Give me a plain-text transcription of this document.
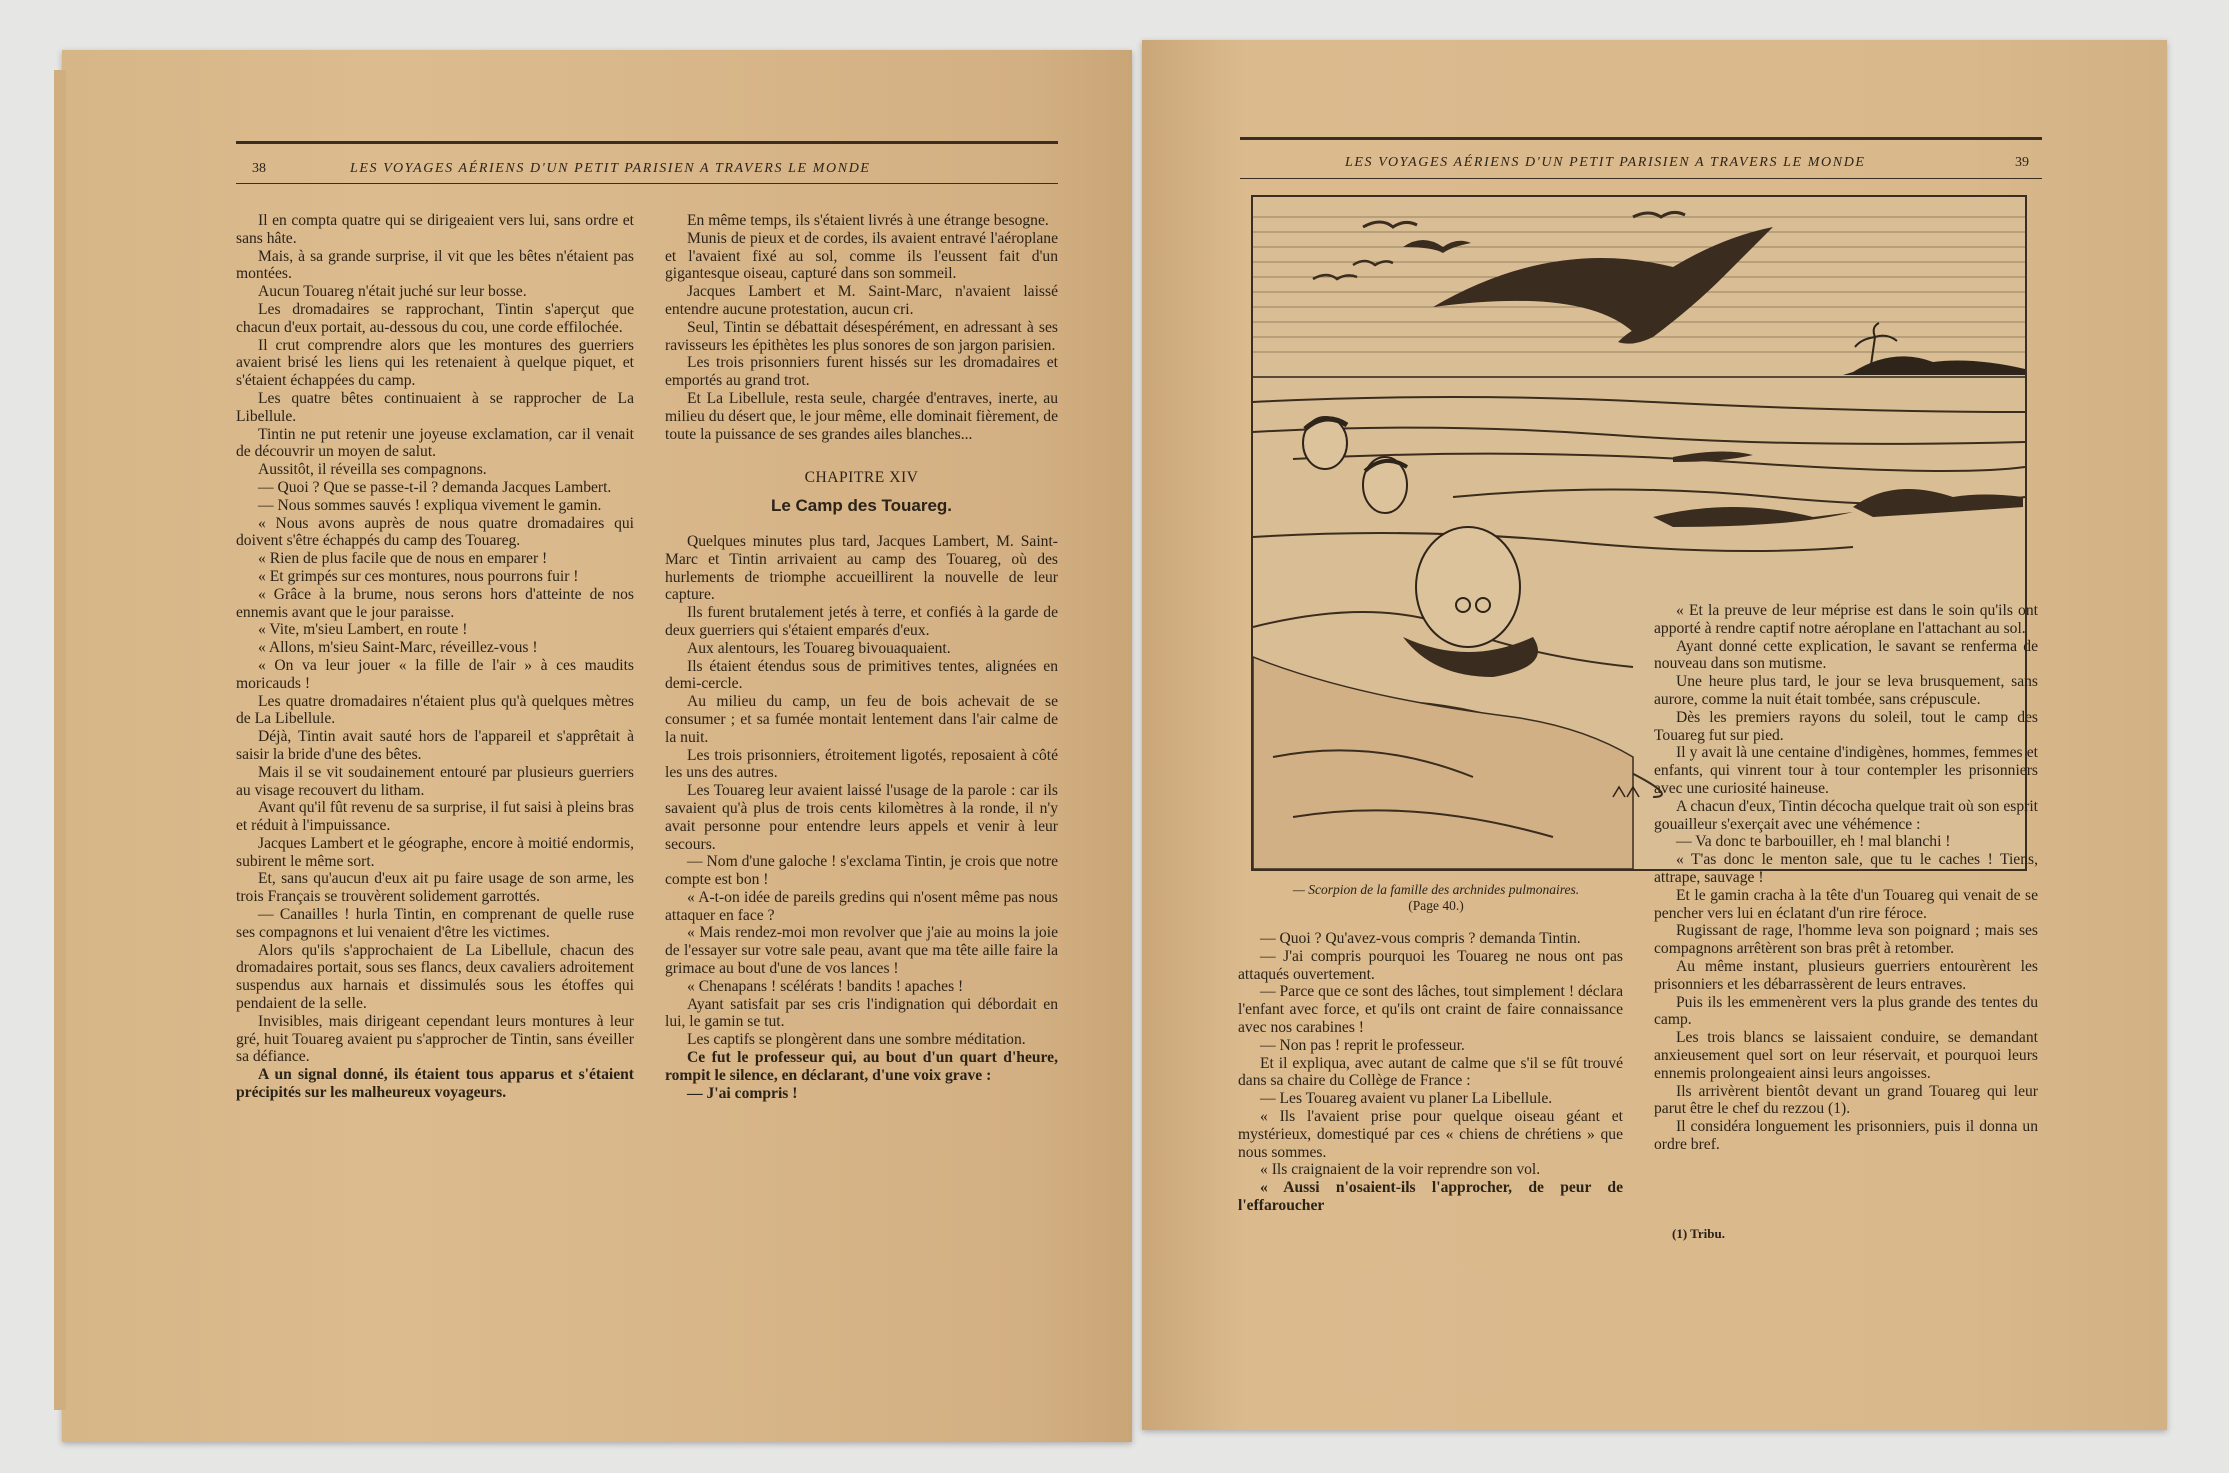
38	LES VOYAGES AÉRIENS D'UN PETIT PARISIEN A TRAVERS LE MONDE

Il en compta quatre qui se dirigeaient vers lui, sans ordre et sans hâte.

Mais, à sa grande surprise, il vit que les bêtes n'étaient pas montées.

Aucun Touareg n'était juché sur leur bosse.

Les dromadaires se rapprochant, Tintin s'aperçut que chacun d'eux portait, au-dessous du cou, une corde effilochée.

Il crut comprendre alors que les montures des guerriers avaient brisé les liens qui les retenaient à quelque piquet, et s'étaient échappées du camp.

Les quatre bêtes continuaient à se rapprocher de La Libellule.

Tintin ne put retenir une joyeuse exclamation, car il venait de découvrir un moyen de salut.

Aussitôt, il réveilla ses compagnons.

— Quoi ? Que se passe-t-il ? demanda Jacques Lambert.

— Nous sommes sauvés ! expliqua vivement le gamin.

« Nous avons auprès de nous quatre dromadaires qui doivent s'être échappés du camp des Touareg.

« Rien de plus facile que de nous en emparer !

« Et grimpés sur ces montures, nous pourrons fuir !

« Grâce à la brume, nous serons hors d'atteinte de nos ennemis avant que le jour paraisse.

« Vite, m'sieu Lambert, en route !

« Allons, m'sieu Saint-Marc, réveillez-vous !

« On va leur jouer « la fille de l'air » à ces maudits moricauds !

Les quatre dromadaires n'étaient plus qu'à quelques mètres de La Libellule.

Déjà, Tintin avait sauté hors de l'appareil et s'apprêtait à saisir la bride d'une des bêtes.

Mais il se vit soudainement entouré par plusieurs guerriers au visage recouvert du litham.

Avant qu'il fût revenu de sa surprise, il fut saisi à pleins bras et réduit à l'impuissance.

Jacques Lambert et le géographe, encore à moitié endormis, subirent le même sort.

Et, sans qu'aucun d'eux ait pu faire usage de son arme, les trois Français se trouvèrent solidement garrottés.

— Canailles ! hurla Tintin, en comprenant de quelle ruse ses compagnons et lui venaient d'être les victimes.

Alors qu'ils s'approchaient de La Libellule, chacun des dromadaires portait, sous ses flancs, deux cavaliers adroitement suspendus aux harnais et dissimulés sous les étoffes qui pendaient de la selle.

Invisibles, mais dirigeant cependant leurs montures à leur gré, huit Touareg avaient pu s'approcher de Tintin, sans éveiller sa défiance.

A un signal donné, ils étaient tous apparus et s'étaient précipités sur les malheureux voyageurs.

En même temps, ils s'étaient livrés à une étrange besogne.

Munis de pieux et de cordes, ils avaient entravé l'aéroplane et l'avaient fixé au sol, comme ils l'eussent fait d'un gigantesque oiseau, capturé dans son sommeil.

Jacques Lambert et M. Saint-Marc, n'avaient laissé entendre aucune protestation, aucun cri.

Seul, Tintin se débattait désespérément, en adressant à ses ravisseurs les épithètes les plus sonores de son jargon parisien.

Les trois prisonniers furent hissés sur les dromadaires et emportés au grand trot.

Et La Libellule, resta seule, chargée d'entraves, inerte, au milieu du désert que, le jour même, elle dominait fièrement, de toute la puissance de ses grandes ailes blanches...

CHAPITRE XIV

Le Camp des Touareg.

Quelques minutes plus tard, Jacques Lambert, M. Saint-Marc et Tintin arrivaient au camp des Touareg, où des hurlements de triomphe accueillirent la nouvelle de leur capture.

Ils furent brutalement jetés à terre, et confiés à la garde de deux guerriers qui s'étaient emparés d'eux.

Aux alentours, les Touareg bivouaquaient.

Ils étaient étendus sous de primitives tentes, alignées en demi-cercle.

Au milieu du camp, un feu de bois achevait de se consumer ; et sa fumée montait lentement dans l'air calme de la nuit.

Les trois prisonniers, étroitement ligotés, reposaient à côté les uns des autres.

Les Touareg leur avaient laissé l'usage de la parole : car ils savaient qu'à plus de trois cents kilomètres à la ronde, il n'y avait personne pour entendre leurs appels et venir à leur secours.

— Nom d'une galoche ! s'exclama Tintin, je crois que notre compte est bon !

« A-t-on idée de pareils gredins qui n'osent même pas nous attaquer en face ?

« Mais rendez-moi mon revolver que j'aie au moins la joie de l'essayer sur votre sale peau, avant que ma tête aille faire la grimace au bout d'une de vos lances !

« Chenapans ! scélérats ! bandits ! apaches !

Ayant satisfait par ses cris l'indignation qui débordait en lui, le gamin se tut.

Les captifs se plongèrent dans une sombre méditation.

Ce fut le professeur qui, au bout d'un quart d'heure, rompit le silence, en déclarant, d'une voix grave :

— J'ai compris !

LES VOYAGES AÉRIENS D'UN PETIT PARISIEN A TRAVERS LE MONDE	39
— Scorpion de la famille des archnides pulmonaires.
(Page 40.)

— Quoi ? Qu'avez-vous compris ? demanda Tintin.

— J'ai compris pourquoi les Touareg ne nous ont pas attaqués ouvertement.

— Parce que ce sont des lâches, tout simplement ! déclara l'enfant avec force, et qu'ils ont craint de faire connaissance avec nos carabines !

— Non pas ! reprit le professeur.

Et il expliqua, avec autant de calme que s'il se fût trouvé dans sa chaire du Collège de France :

— Les Touareg avaient vu planer La Libellule.

« Ils l'avaient prise pour quelque oiseau géant et mystérieux, domestiqué par ces « chiens de chrétiens » que nous sommes.

« Ils craignaient de la voir reprendre son vol.

« Aussi n'osaient-ils l'approcher, de peur de l'effaroucher

« Et la preuve de leur méprise est dans le soin qu'ils ont apporté à rendre captif notre aéroplane en l'attachant au sol.

Ayant donné cette explication, le savant se renferma de nouveau dans son mutisme.

Une heure plus tard, le jour se leva brusquement, sans aurore, comme la nuit était tombée, sans crépuscule.

Dès les premiers rayons du soleil, tout le camp des Touareg fut sur pied.

Il y avait là une centaine d'indigènes, hommes, femmes et enfants, qui vinrent tour à tour contempler les prisonniers avec une curiosité haineuse.

A chacun d'eux, Tintin décocha quelque trait où son esprit gouailleur s'exerçait avec une véhémence :

— Va donc te barbouiller, eh ! mal blanchi !

« T'as donc le menton sale, que tu le caches ! Tiens, attrape, sauvage !

Et le gamin cracha à la tête d'un Touareg qui venait de se pencher vers lui en éclatant d'un rire féroce.

Rugissant de rage, l'homme leva son poignard ; mais ses compagnons arrêtèrent son bras prêt à retomber.

Au même instant, plusieurs guerriers entourèrent les prisonniers et les débarrassèrent de leurs entraves.

Puis ils les emmenèrent vers la plus grande des tentes du camp.

Les trois blancs se laissaient conduire, se demandant anxieusement quel sort on leur réservait, et pourquoi leurs ennemis prolongeaient ainsi leurs angoisses.

Ils arrivèrent bientôt devant un grand Touareg qui leur parut être le chef du rezzou (1).

Il considéra longuement les prisonniers, puis il donna un ordre bref.

(1) Tribu.
